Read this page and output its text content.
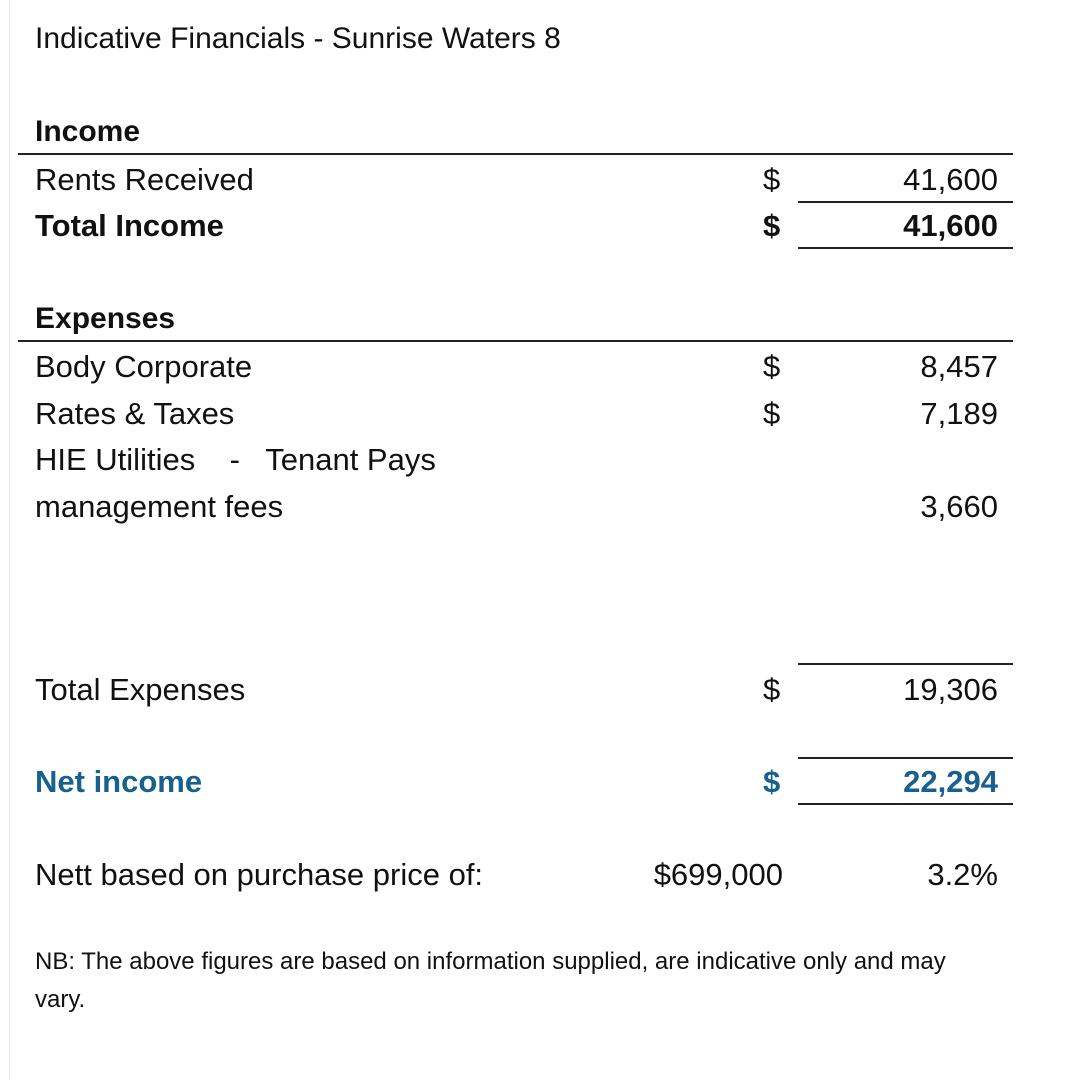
Indicative Financials - Sunrise Waters 8
Income
Rents Received	$	41,600
Total Income	$	41,600
Expenses
Body Corporate	$	8,457
Rates & Taxes	$	7,189
HIE Utilities    -   Tenant Pays
management fees	3,660
Total Expenses	$	19,306
Net income	$	22,294
Nett based on purchase price of:	$699,000	3.2%
NB: The above figures are based on information supplied, are indicative only and may vary.
